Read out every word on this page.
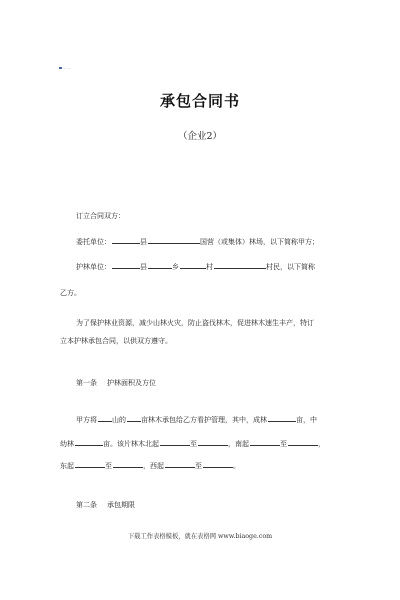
— —
承包合同书
（企业2）
订立合同双方：
委托单位：	县	国营（或集体）林场，以下简称甲方；
护林单位：	县	乡	村	村民，以下简称
乙方。
为了保护林业资源，减少山林火灾，防止盗伐林木，促进林木速生丰产，特订
立本护林承包合同，以供双方遵守。
第一条 护林面积及方位
甲方将 山的 亩林木承包给乙方看护管理，其中，成林	亩，中
幼林	亩。该片林木北起	至	，南起	至	，
东起	至	，西起	至	。
第二条 承包期限
下载工作表格模板，就在表格网 www.biaoge.com
